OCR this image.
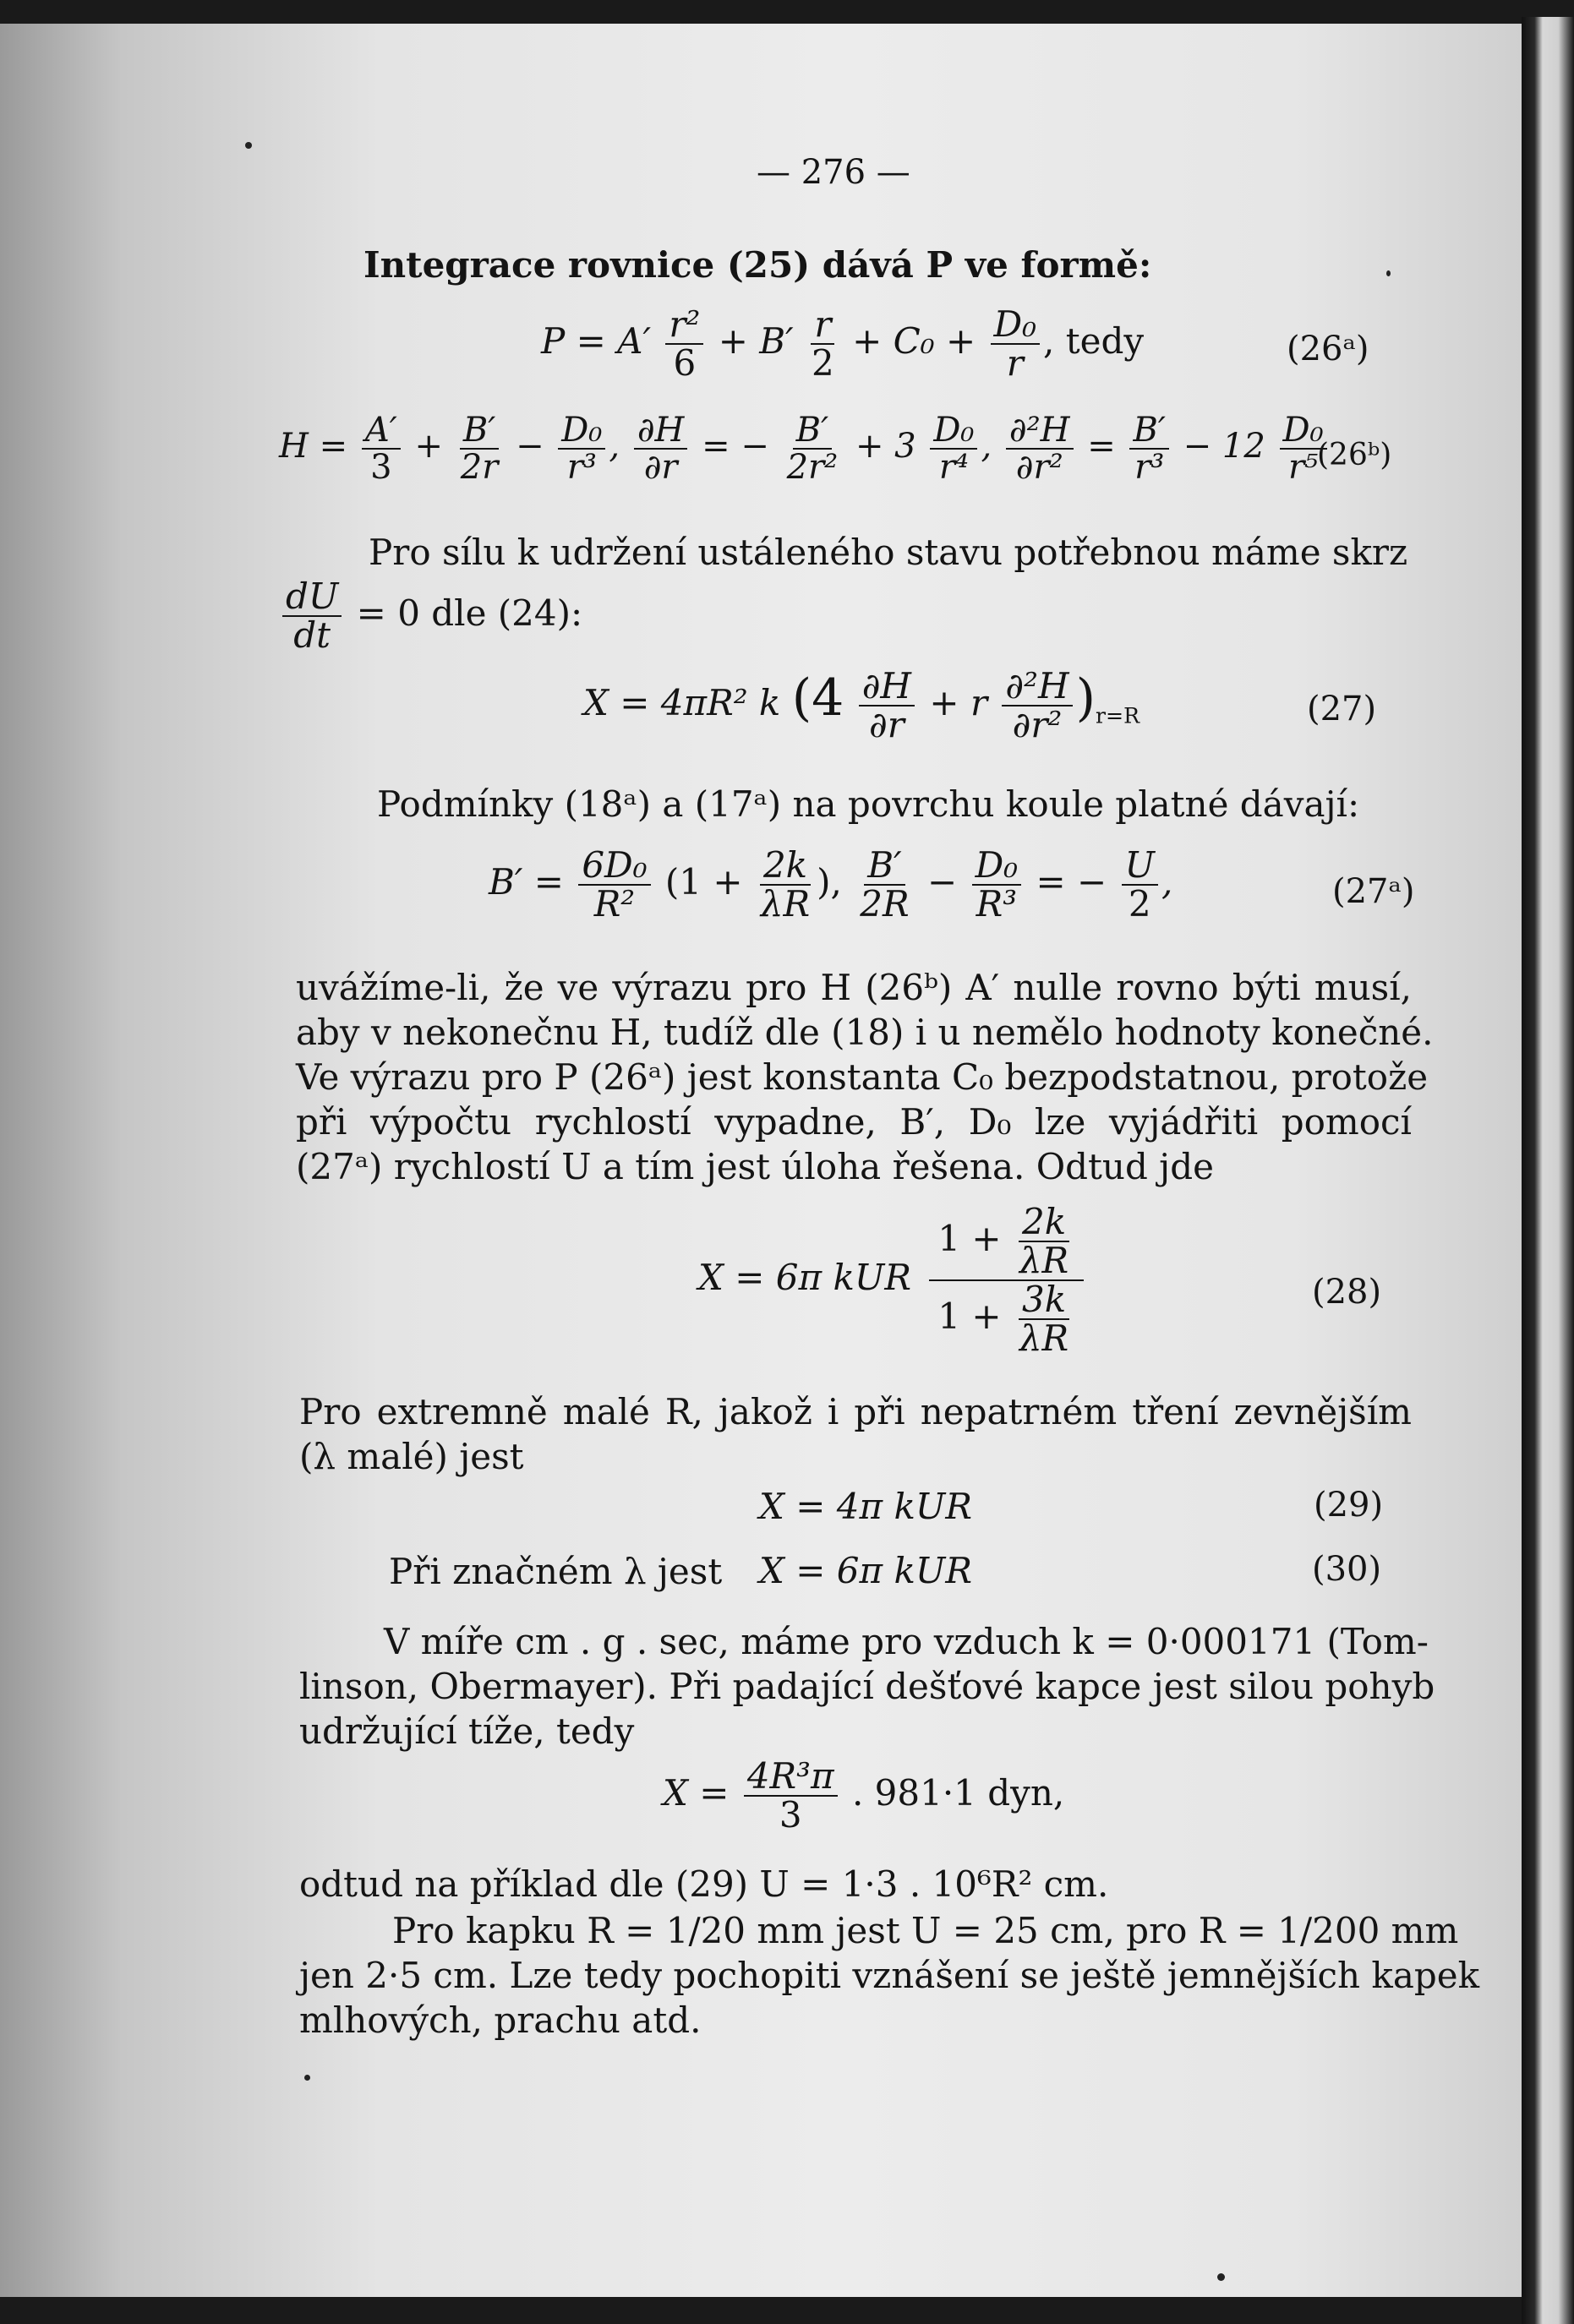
— 276 —
Integrace rovnice (25) dává P ve formě:
$P = A' \frac{\text{r²}}{6} + B' \frac{r}{2} + C_0 + \frac{\text{D₀}}{r}$ , tedy	(26ᵃ)
$H = \frac{A'}{3} + \frac{B'}{2r} - \frac{\text{D₀}}{\text{r³}}$ , $\frac{\partial H}{\partial r}$ = − $\frac{B'}{\text{2r²}} + 3 \frac{\text{D₀}}{\text{r⁴}}$ , $\frac{\text{∂²H}}{\text{∂r²}} = \frac{B'}{\text{r³}} - 12 \frac{\text{D₀}}{\text{r⁵}}$
(26ᵇ)
Pro sílu k udržení ustáleného stavu potřebnou máme skrz
$\frac{dU}{dt} = 0$ dle (24):
X = 4πR² k $(4 \frac{\partial H}{\partial r} + r \frac{\text{∂²H}}{\text{∂r²}} )_{r=R}$	(27)
Podmínky (18ᵃ) a (17ᵃ) na povrchu koule platné dávají:
$B' = \frac{\text{6D₀}}{\text{R²}} (1 + \frac{2k}{\lambda R}$ ), $\frac{B'}{2R} - \frac{\text{D₀}}{\text{R³}}$ = − $\frac{U}{2}$ ,	(27ᵃ)
uvážíme-li, že ve výrazu pro H (26ᵇ) A′ nulle rovno býti musí,
aby v nekonečnu H, tudíž dle (18) i u nemělo hodnoty konečné.
Ve výrazu pro P (26ᵃ) jest konstanta C₀ bezpodstatnou, protože
při výpočtu rychlostí vypadne, B′, D₀ lze vyjádřiti pomocí
(27ᵃ) rychlostí U a tím jest úloha řešena. Odtud jde
X = 6π kUR $\frac{1 + \frac{2k}{\lambda R}}{1 + \frac{3k}{\lambda R}}$	(28)
Pro extremně malé R, jakož i při nepatrném tření zevnějším
(λ malé) jest
X = 4π kUR	(29)
Při značném λ jest X = 6π kUR	(30)
V míře cm . g . sec, máme pro vzduch k = 0·000171 (Tom-
linson, Obermayer). Při padající dešťové kapce jest silou pohyb
udržující tíže, tedy
$X = \frac{\text{4R³π}}{3}$ . 981·1 dyn,
odtud na příklad dle (29) U = 1·3 . 10⁶R² cm.
Pro kapku R = 1/20 mm jest U = 25 cm, pro R = 1/200 mm
jen 2·5 cm. Lze tedy pochopiti vznášení se ještě jemnějších kapek
mlhových, prachu atd.
